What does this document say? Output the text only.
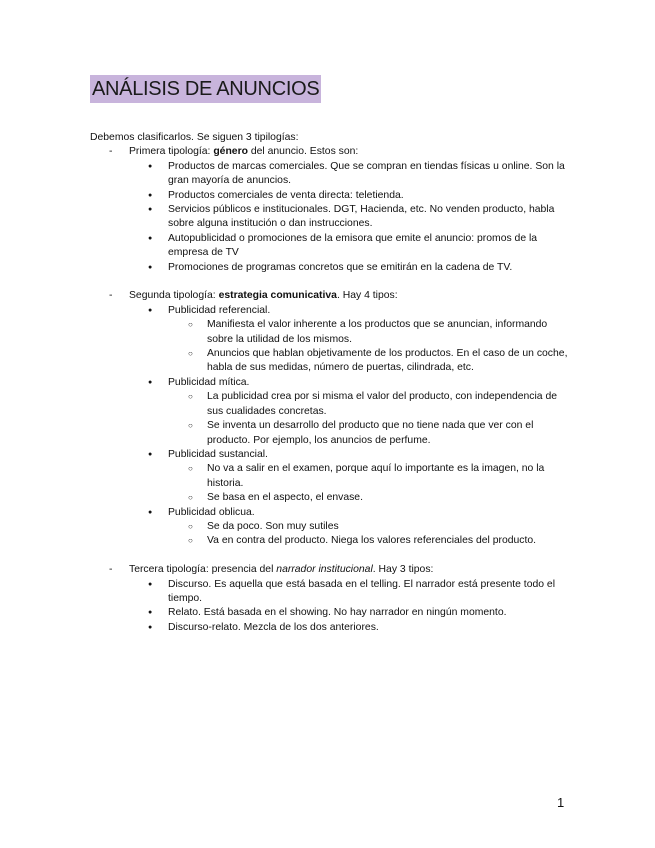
ANÁLISIS DE ANUNCIOS

Debemos clasificarlos. Se siguen 3 tipilogías:

- Primera tipología: género del anuncio. Estos son:
● Productos de marcas comerciales. Que se compran en tiendas físicas u online. Son la gran mayoría de anuncios.
● Productos comerciales de venta directa: teletienda.
● Servicios públicos e institucionales. DGT, Hacienda, etc. No venden producto, habla sobre alguna institución o dan instrucciones.
● Autopublicidad o promociones de la emisora que emite el anuncio: promos de la empresa de TV
● Promociones de programas concretos que se emitirán en la cadena de TV.
- Segunda tipología: estrategia comunicativa. Hay 4 tipos:
● Publicidad referencial.
○ Manifiesta el valor inherente a los productos que se anuncian, informando sobre la utilidad de los mismos.
○ Anuncios que hablan objetivamente de los productos. En el caso de un coche, habla de sus medidas, número de puertas, cilindrada, etc.
● Publicidad mítica.
○ La publicidad crea por si misma el valor del producto, con independencia de sus cualidades concretas.
○ Se inventa un desarrollo del producto que no tiene nada que ver con el producto. Por ejemplo, los anuncios de perfume.
● Publicidad sustancial.
○ No va a salir en el examen, porque aquí lo importante es la imagen, no la historia.
○ Se basa en el aspecto, el envase.
● Publicidad oblicua.
○ Se da poco. Son muy sutiles
○ Va en contra del producto. Niega los valores referenciales del producto.
- Tercera tipología: presencia del narrador institucional. Hay 3 tipos:
● Discurso. Es aquella que está basada en el telling. El narrador está presente todo el tiempo.
● Relato. Está basada en el showing. No hay narrador en ningún momento.
● Discurso-relato. Mezcla de los dos anteriores.
1
